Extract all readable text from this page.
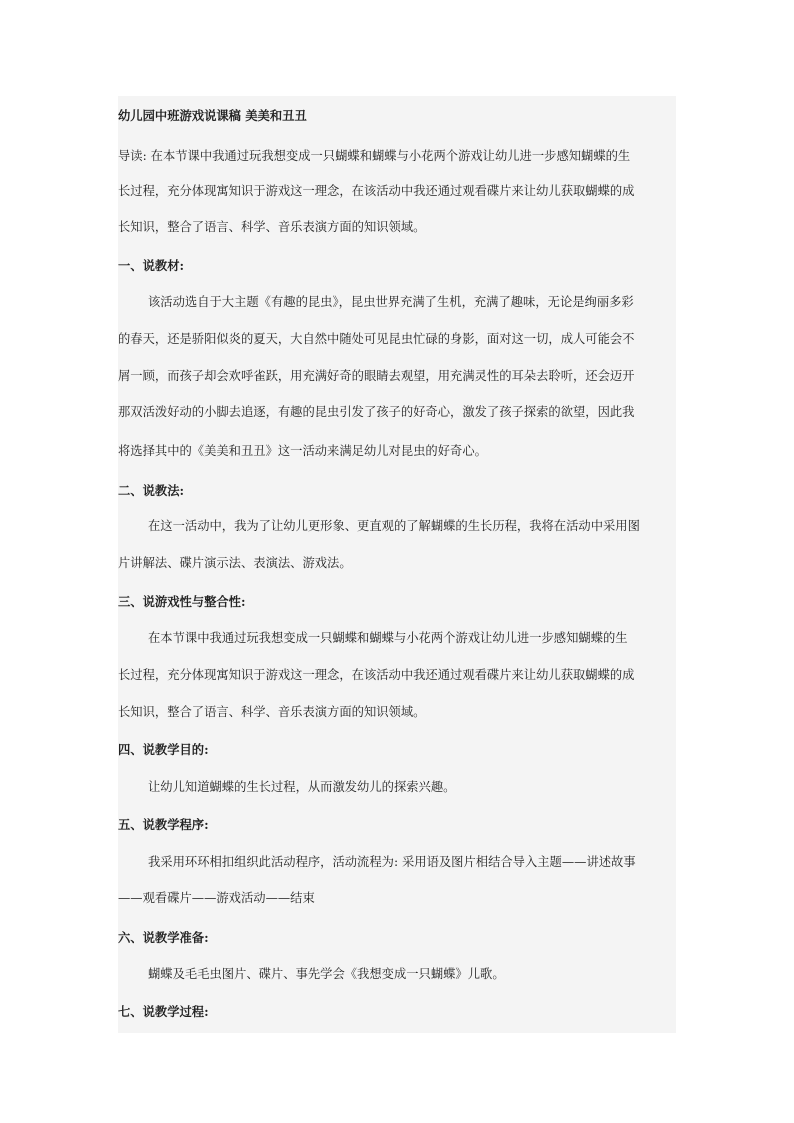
幼儿园中班游戏说课稿 美美和丑丑
导读: 在本节课中我通过玩我想变成一只蝴蝶和蝴蝶与小花两个游戏让幼儿进一步感知蝴蝶的生
长过程，充分体现寓知识于游戏这一理念，在该活动中我还通过观看碟片来让幼儿获取蝴蝶的成
长知识，整合了语言、科学、音乐表演方面的知识领域。
一、说教材:
该活动选自于大主题《有趣的昆虫》，昆虫世界充满了生机，充满了趣味，无论是绚丽多彩
的春天，还是骄阳似炎的夏天，大自然中随处可见昆虫忙碌的身影，面对这一切，成人可能会不
屑一顾，而孩子却会欢呼雀跃，用充满好奇的眼睛去观望，用充满灵性的耳朵去聆听，还会迈开
那双活泼好动的小脚去追逐，有趣的昆虫引发了孩子的好奇心，激发了孩子探索的欲望，因此我
将选择其中的《美美和丑丑》这一活动来满足幼儿对昆虫的好奇心。
二、说教法:
在这一活动中，我为了让幼儿更形象、更直观的了解蝴蝶的生长历程，我将在活动中采用图
片讲解法、碟片演示法、表演法、游戏法。
三、说游戏性与整合性:
在本节课中我通过玩我想变成一只蝴蝶和蝴蝶与小花两个游戏让幼儿进一步感知蝴蝶的生
长过程，充分体现寓知识于游戏这一理念，在该活动中我还通过观看碟片来让幼儿获取蝴蝶的成
长知识，整合了语言、科学、音乐表演方面的知识领域。
四、说教学目的:
让幼儿知道蝴蝶的生长过程，从而激发幼儿的探索兴趣。
五、说教学程序:
我采用环环相扣组织此活动程序，活动流程为: 采用语及图片相结合导入主题——讲述故事
——观看碟片——游戏活动——结束
六、说教学准备:
蝴蝶及毛毛虫图片、碟片、事先学会《我想变成一只蝴蝶》儿歌。
七、说教学过程:
